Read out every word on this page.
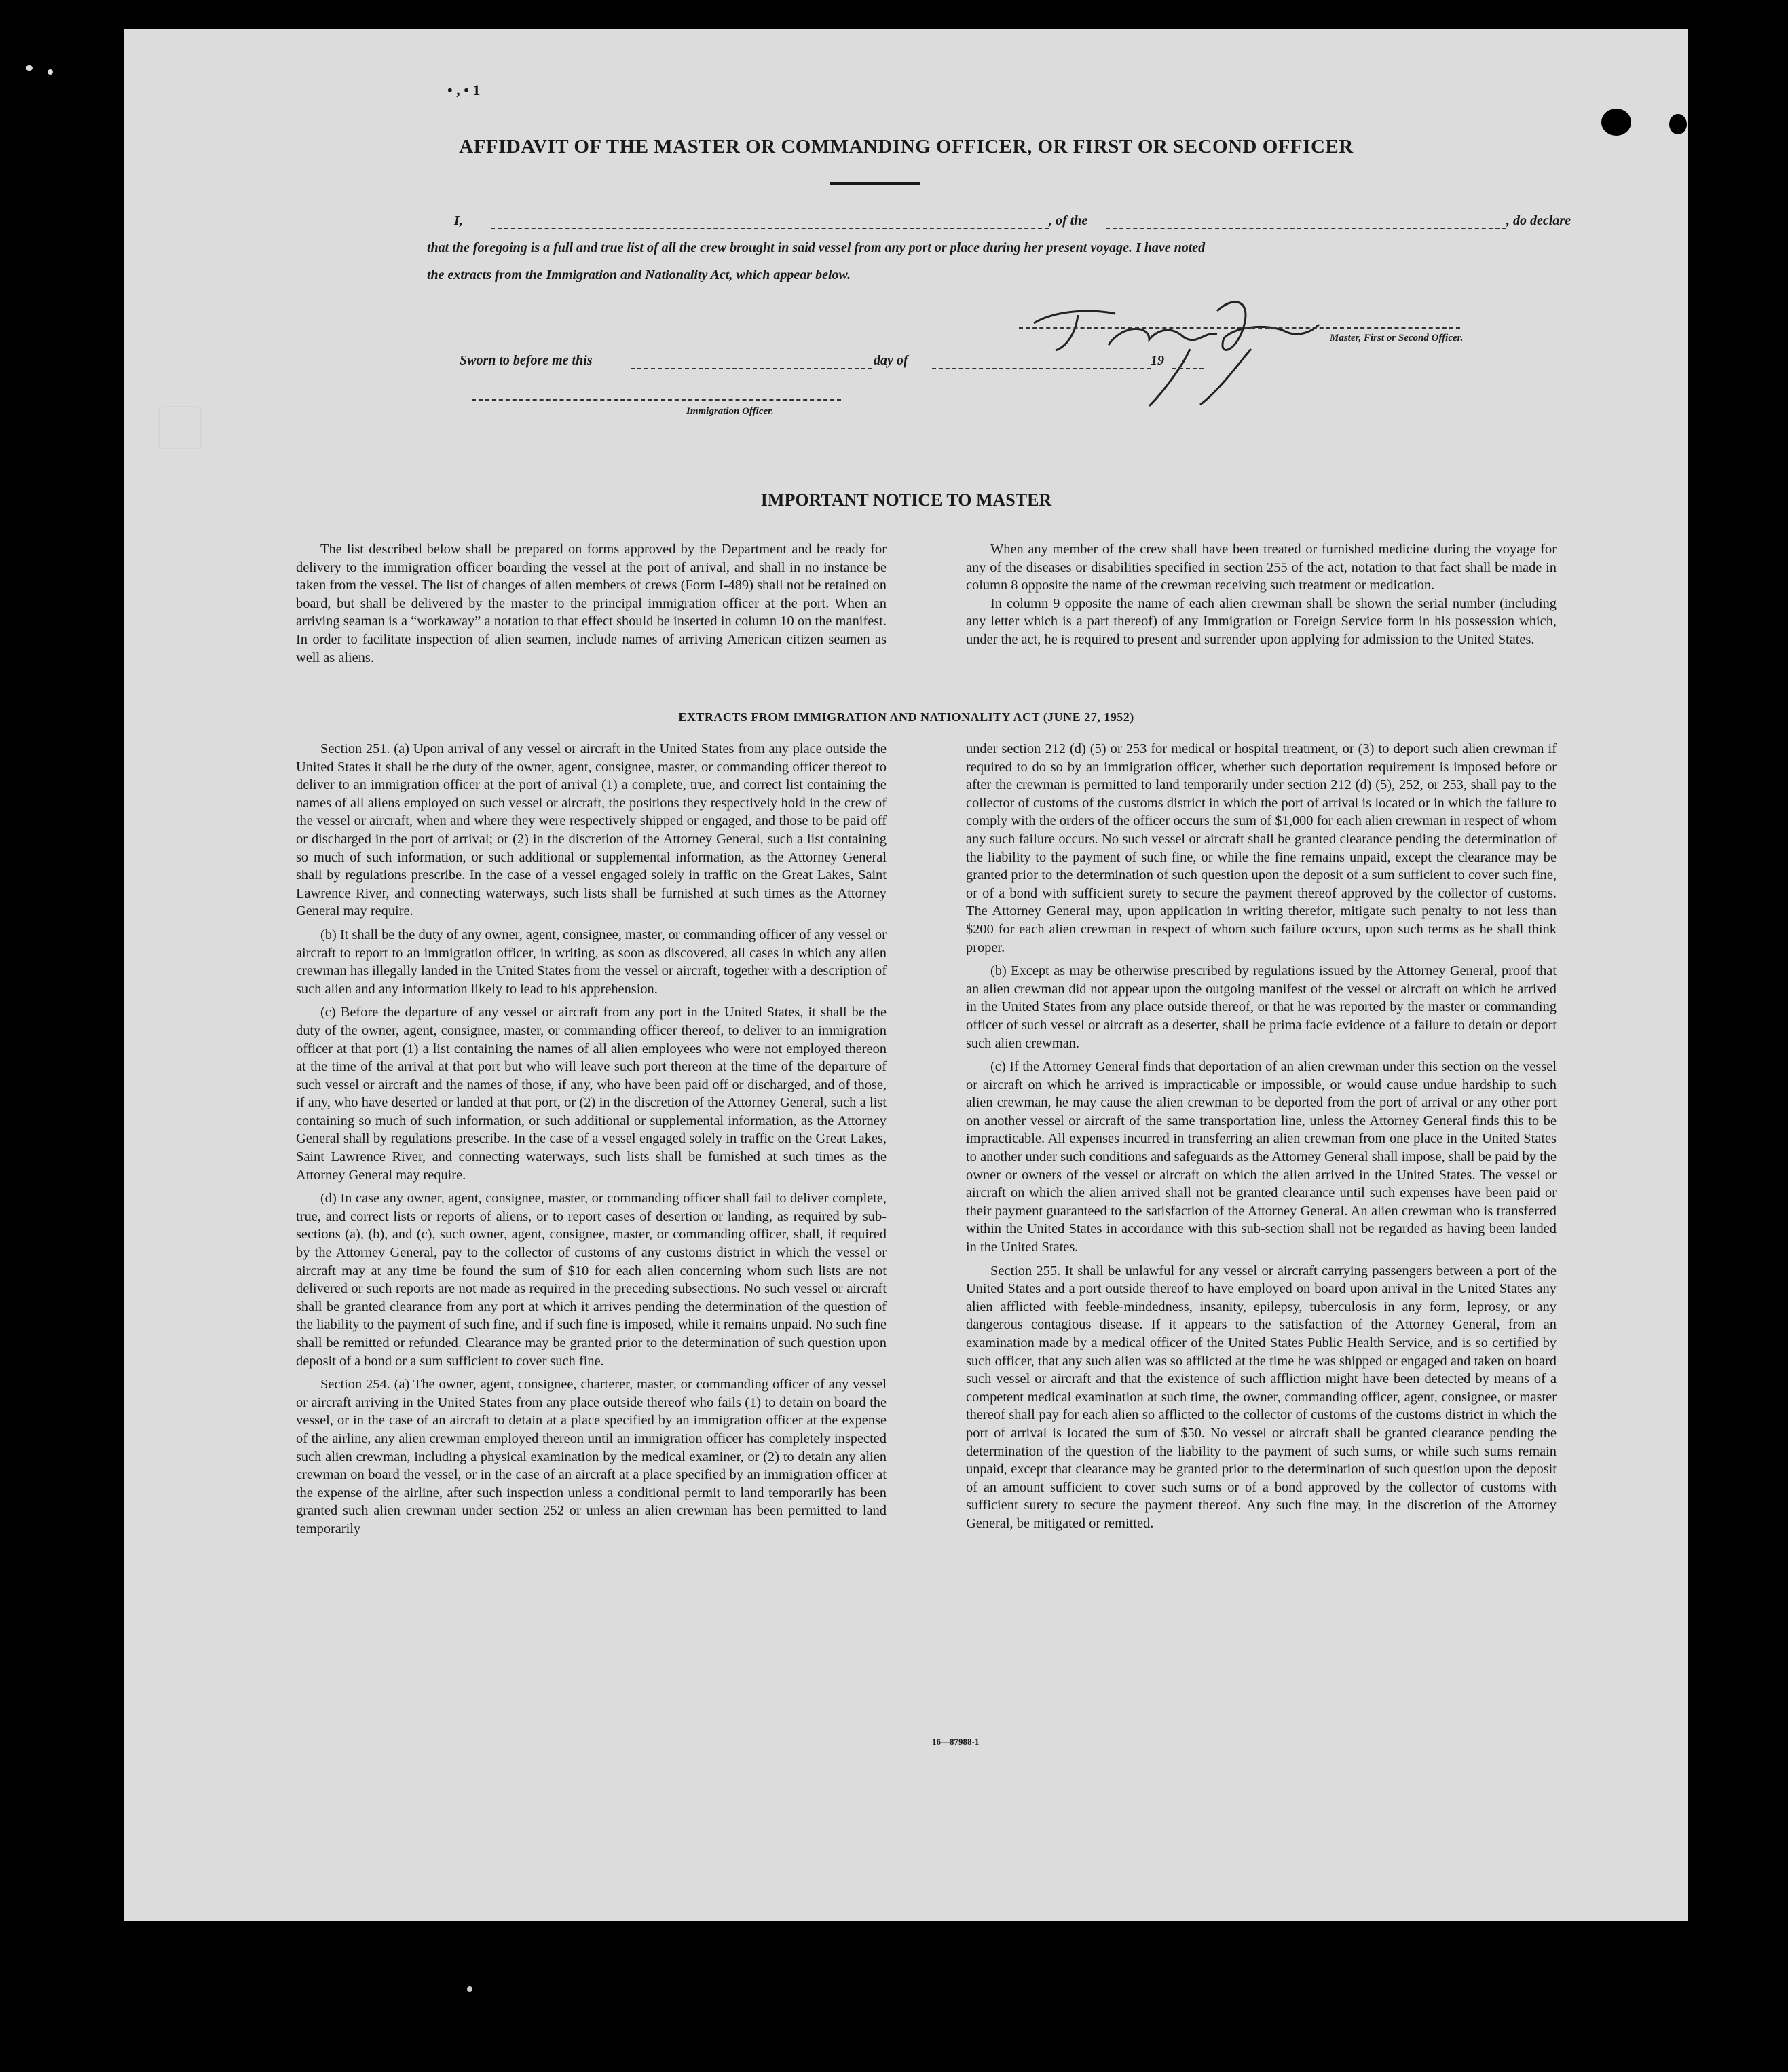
• , • 1
AFFIDAVIT OF THE MASTER OR COMMANDING OFFICER, OR FIRST OR SECOND OFFICER
I,	, of the	, do declare
that the foregoing is a full and true list of all the crew brought in said vessel from any port or place during her present voyage. I have noted
the extracts from the Immigration and Nationality Act, which appear below.
Master, First or Second Officer.
Sworn to before me this	day of	19
Immigration Officer.
IMPORTANT NOTICE TO MASTER

The list described below shall be prepared on forms approved by the Department and be ready for delivery to the immigration officer boarding the vessel at the port of arrival, and shall in no instance be taken from the vessel. The list of changes of alien members of crews (Form I-489) shall not be retained on board, but shall be delivered by the master to the principal immigration officer at the port. When an arriving seaman is a “workaway” a notation to that effect should be inserted in column 10 on the manifest. In order to facilitate inspection of alien seamen, include names of arriving American citizen seamen as well as aliens.

When any member of the crew shall have been treated or furnished medicine during the voyage for any of the diseases or disabilities specified in section 255 of the act, notation to that fact shall be made in column 8 opposite the name of the crewman receiving such treatment or medication.

In column 9 opposite the name of each alien crewman shall be shown the serial number (including any letter which is a part thereof) of any Immigration or Foreign Service form in his possession which, under the act, he is required to present and surrender upon applying for admission to the United States.

EXTRACTS FROM IMMIGRATION AND NATIONALITY ACT (JUNE 27, 1952)

Section 251. (a) Upon arrival of any vessel or aircraft in the United States from any place outside the United States it shall be the duty of the owner, agent, consignee, master, or commanding officer thereof to deliver to an immigration officer at the port of arrival (1) a complete, true, and correct list containing the names of all aliens employed on such vessel or aircraft, the positions they respectively hold in the crew of the vessel or aircraft, when and where they were respectively shipped or engaged, and those to be paid off or discharged in the port of arrival; or (2) in the discretion of the Attorney General, such a list containing so much of such information, or such additional or supplemental information, as the Attorney General shall by regulations prescribe. In the case of a vessel engaged solely in traffic on the Great Lakes, Saint Lawrence River, and connecting waterways, such lists shall be furnished at such times as the Attorney General may require.

(b) It shall be the duty of any owner, agent, consignee, master, or commanding officer of any vessel or aircraft to report to an immigration officer, in writing, as soon as discovered, all cases in which any alien crewman has illegally landed in the United States from the vessel or aircraft, together with a description of such alien and any information likely to lead to his apprehension.

(c) Before the departure of any vessel or aircraft from any port in the United States, it shall be the duty of the owner, agent, consignee, master, or commanding officer thereof, to deliver to an immigration officer at that port (1) a list containing the names of all alien employees who were not employed thereon at the time of the arrival at that port but who will leave such port thereon at the time of the departure of such vessel or aircraft and the names of those, if any, who have been paid off or discharged, and of those, if any, who have deserted or landed at that port, or (2) in the discretion of the Attorney General, such a list containing so much of such information, or such additional or supplemental information, as the Attorney General shall by regulations prescribe. In the case of a vessel engaged solely in traffic on the Great Lakes, Saint Lawrence River, and connecting waterways, such lists shall be furnished at such times as the Attorney General may require.

(d) In case any owner, agent, consignee, master, or commanding officer shall fail to deliver complete, true, and correct lists or reports of aliens, or to report cases of desertion or landing, as required by sub-sections (a), (b), and (c), such owner, agent, consignee, master, or commanding officer, shall, if required by the Attorney General, pay to the collector of customs of any customs district in which the vessel or aircraft may at any time be found the sum of $10 for each alien concerning whom such lists are not delivered or such reports are not made as required in the preceding subsections. No such vessel or aircraft shall be granted clearance from any port at which it arrives pending the determination of the question of the liability to the payment of such fine, and if such fine is imposed, while it remains unpaid. No such fine shall be remitted or refunded. Clearance may be granted prior to the determination of such question upon deposit of a bond or a sum sufficient to cover such fine.

Section 254. (a) The owner, agent, consignee, charterer, master, or commanding officer of any vessel or aircraft arriving in the United States from any place outside thereof who fails (1) to detain on board the vessel, or in the case of an aircraft to detain at a place specified by an immigration officer at the expense of the airline, any alien crewman employed thereon until an immigration officer has completely inspected such alien crewman, including a physical examination by the medical examiner, or (2) to detain any alien crewman on board the vessel, or in the case of an aircraft at a place specified by an immigration officer at the expense of the airline, after such inspection unless a conditional permit to land temporarily has been granted such alien crewman under section 252 or unless an alien crewman has been permitted to land temporarily

under section 212 (d) (5) or 253 for medical or hospital treatment, or (3) to deport such alien crewman if required to do so by an immigration officer, whether such deportation requirement is imposed before or after the crewman is permitted to land temporarily under section 212 (d) (5), 252, or 253, shall pay to the collector of customs of the customs district in which the port of arrival is located or in which the failure to comply with the orders of the officer occurs the sum of $1,000 for each alien crewman in respect of whom any such failure occurs. No such vessel or aircraft shall be granted clearance pending the determination of the liability to the payment of such fine, or while the fine remains unpaid, except the clearance may be granted prior to the determination of such question upon the deposit of a sum sufficient to cover such fine, or of a bond with sufficient surety to secure the payment thereof approved by the collector of customs. The Attorney General may, upon application in writing therefor, mitigate such penalty to not less than $200 for each alien crewman in respect of whom such failure occurs, upon such terms as he shall think proper.

(b) Except as may be otherwise prescribed by regulations issued by the Attorney General, proof that an alien crewman did not appear upon the outgoing manifest of the vessel or aircraft on which he arrived in the United States from any place outside thereof, or that he was reported by the master or commanding officer of such vessel or aircraft as a deserter, shall be prima facie evidence of a failure to detain or deport such alien crewman.

(c) If the Attorney General finds that deportation of an alien crewman under this section on the vessel or aircraft on which he arrived is impracticable or impossible, or would cause undue hardship to such alien crewman, he may cause the alien crewman to be deported from the port of arrival or any other port on another vessel or aircraft of the same transportation line, unless the Attorney General finds this to be impracticable. All expenses incurred in transferring an alien crewman from one place in the United States to another under such conditions and safeguards as the Attorney General shall impose, shall be paid by the owner or owners of the vessel or aircraft on which the alien arrived in the United States. The vessel or aircraft on which the alien arrived shall not be granted clearance until such expenses have been paid or their payment guaranteed to the satisfaction of the Attorney General. An alien crewman who is transferred within the United States in accordance with this sub-section shall not be regarded as having been landed in the United States.

Section 255. It shall be unlawful for any vessel or aircraft carrying passengers between a port of the United States and a port outside thereof to have employed on board upon arrival in the United States any alien afflicted with feeble-mindedness, insanity, epilepsy, tuberculosis in any form, leprosy, or any dangerous contagious disease. If it appears to the satisfaction of the Attorney General, from an examination made by a medical officer of the United States Public Health Service, and is so certified by such officer, that any such alien was so afflicted at the time he was shipped or engaged and taken on board such vessel or aircraft and that the existence of such affliction might have been detected by means of a competent medical examination at such time, the owner, commanding officer, agent, consignee, or master thereof shall pay for each alien so afflicted to the collector of customs of the customs district in which the port of arrival is located the sum of $50. No vessel or aircraft shall be granted clearance pending the determination of the question of the liability to the payment of such sums, or while such sums remain unpaid, except that clearance may be granted prior to the determination of such question upon the deposit of an amount sufficient to cover such sums or of a bond approved by the collector of customs with sufficient surety to secure the payment thereof. Any such fine may, in the discretion of the Attorney General, be mitigated or remitted.

16—87988-1
